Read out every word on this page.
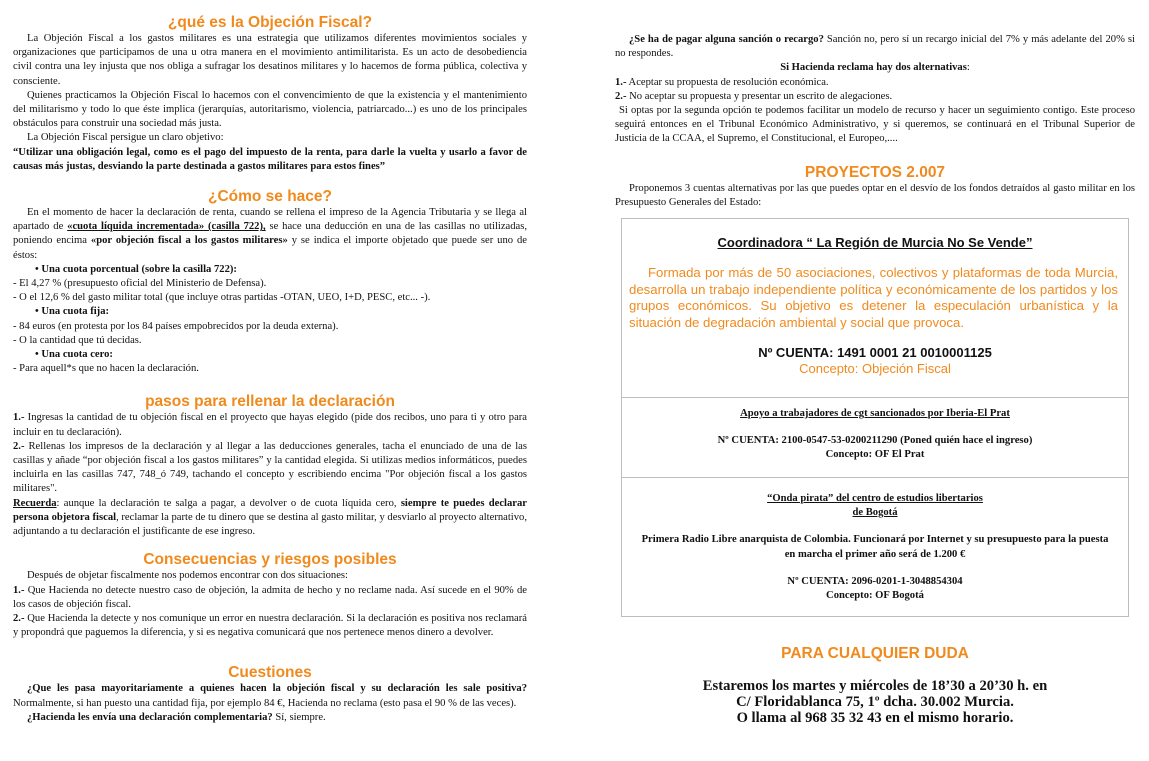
¿qué es la Objeción Fiscal?

La Objeción Fiscal a los gastos militares es una estrategia que utilizamos diferentes movimientos sociales y organizaciones que participamos de una u otra manera en el movimiento antimilitarista. Es un acto de desobediencia civil contra una ley injusta que nos obliga a sufragar los desatinos militares y lo hacemos de forma pública, colectiva y consciente.

Quienes practicamos la Objeción Fiscal lo hacemos con el convencimiento de que la existencia y el mantenimiento del militarismo y todo lo que éste implica (jerarquías, autoritarismo, violencia, patriarcado...) es uno de los principales obstáculos para construir una sociedad más justa.

La Objeción Fiscal persigue un claro objetivo:

“Utilizar una obligación legal, como es el pago del impuesto de la renta, para darle la vuelta y usarlo a favor de causas más justas, desviando la parte destinada a gastos militares para estos fines”

¿Cómo se hace?

En el momento de hacer la declaración de renta, cuando se rellena el impreso de la Agencia Tributaria y se llega al apartado de «cuota líquida incrementada» (casilla 722), se hace una deducción en una de las casillas no utilizadas, poniendo encima «por objeción fiscal a los gastos militares» y se indica el importe objetado que puede ser uno de éstos:

• Una cuota porcentual (sobre la casilla 722):

- El 4,27 % (presupuesto oficial del Ministerio de Defensa).

- O el 12,6 % del gasto militar total (que incluye otras partidas -OTAN, UEO, I+D, PESC, etc... -).

• Una cuota fija:

- 84 euros (en protesta por los 84 países empobrecidos por la deuda externa).

- O la cantidad que tú decidas.

• Una cuota cero:

- Para aquell*s que no hacen la declaración.

pasos para rellenar la declaración

1.- Ingresas la cantidad de tu objeción fiscal en el proyecto que hayas elegido (pide dos recibos, uno para ti y otro para incluir en tu declaración).

2.- Rellenas los impresos de la declaración y al llegar a las deducciones generales, tacha el enunciado de una de las casillas y añade “por objeción fiscal a los gastos militares” y la cantidad elegida. Si utilizas medios informáticos, puedes incluirla en las casillas 747, 748_ó 749, tachando el concepto y escribiendo encima "Por objeción fiscal a los gastos militares".

Recuerda: aunque la declaración te salga a pagar, a devolver o de cuota líquida cero, siempre te puedes declarar persona objetora fiscal, reclamar la parte de tu dinero que se destina al gasto militar, y desviarlo al proyecto alternativo, adjuntando a tu declaración el justificante de ese ingreso.

Consecuencias y riesgos posibles

Después de objetar fiscalmente nos podemos encontrar con dos situaciones:

1.- Que Hacienda no detecte nuestro caso de objeción, la admita de hecho y no reclame nada. Así sucede en el 90% de los casos de objeción fiscal.

2.- Que Hacienda la detecte y nos comunique un error en nuestra declaración. Si la declaración es positiva nos reclamará y propondrá que paguemos la diferencia, y si es negativa comunicará que nos pertenece menos dinero a devolver.

Cuestiones

¿Que les pasa mayoritariamente a quienes hacen la objeción fiscal y su declaración les sale positiva? Normalmente, si han puesto una cantidad fija, por ejemplo 84 €, Hacienda no reclama (esto pasa el 90 % de las veces).

¿Hacienda les envía una declaración complementaria? Sí, siempre.

¿Se ha de pagar alguna sanción o recargo? Sanción no, pero sí un recargo inicial del 7% y más adelante del 20% si no respondes.

Si Hacienda reclama hay dos alternativas:

1.- Aceptar su propuesta de resolución económica.

2.- No aceptar su propuesta y presentar un escrito de alegaciones.

Si optas por la segunda opción te podemos facilitar un modelo de recurso y hacer un seguimiento contigo. Este proceso seguirá entonces en el Tribunal Económico Administrativo, y si queremos, se continuará en el Tribunal Superior de Justicia de la CCAA, el Supremo, el Constitucional, el Europeo,....

PROYECTOS 2.007

Proponemos 3 cuentas alternativas por las que puedes optar en el desvío de los fondos detraídos al gasto militar en los Presupuesto Generales del Estado:

Coordinadora “ La Región de Murcia No Se Vende”
Formada por más de 50 asociaciones, colectivos y plataformas de toda Murcia, desarrolla un trabajo independiente política y económicamente de los partidos y los grupos económicos. Su objetivo es detener la especulación urbanística y la situación de degradación ambiental y social que provoca.
Nº CUENTA: 1491 0001 21 0010001125
Concepto: Objeción Fiscal
Apoyo a trabajadores de cgt sancionados por Iberia-El Prat
Nº CUENTA: 2100-0547-53-0200211290 (Poned quién hace el ingreso)
Concepto: OF El Prat
“Onda pirata” del centro de estudios libertarios
de Bogotá
Primera Radio Libre anarquista de Colombia. Funcionará por Internet y su presupuesto para la puesta en marcha el primer año será de 1.200 €
Nº CUENTA: 2096-0201-1-3048854304
Concepto: OF Bogotá
PARA CUALQUIER DUDA
Estaremos los martes y miércoles de 18’30 a 20’30 h. en
C/ Floridablanca 75, 1º dcha. 30.002 Murcia.
O llama al 968 35 32 43 en el mismo horario.
